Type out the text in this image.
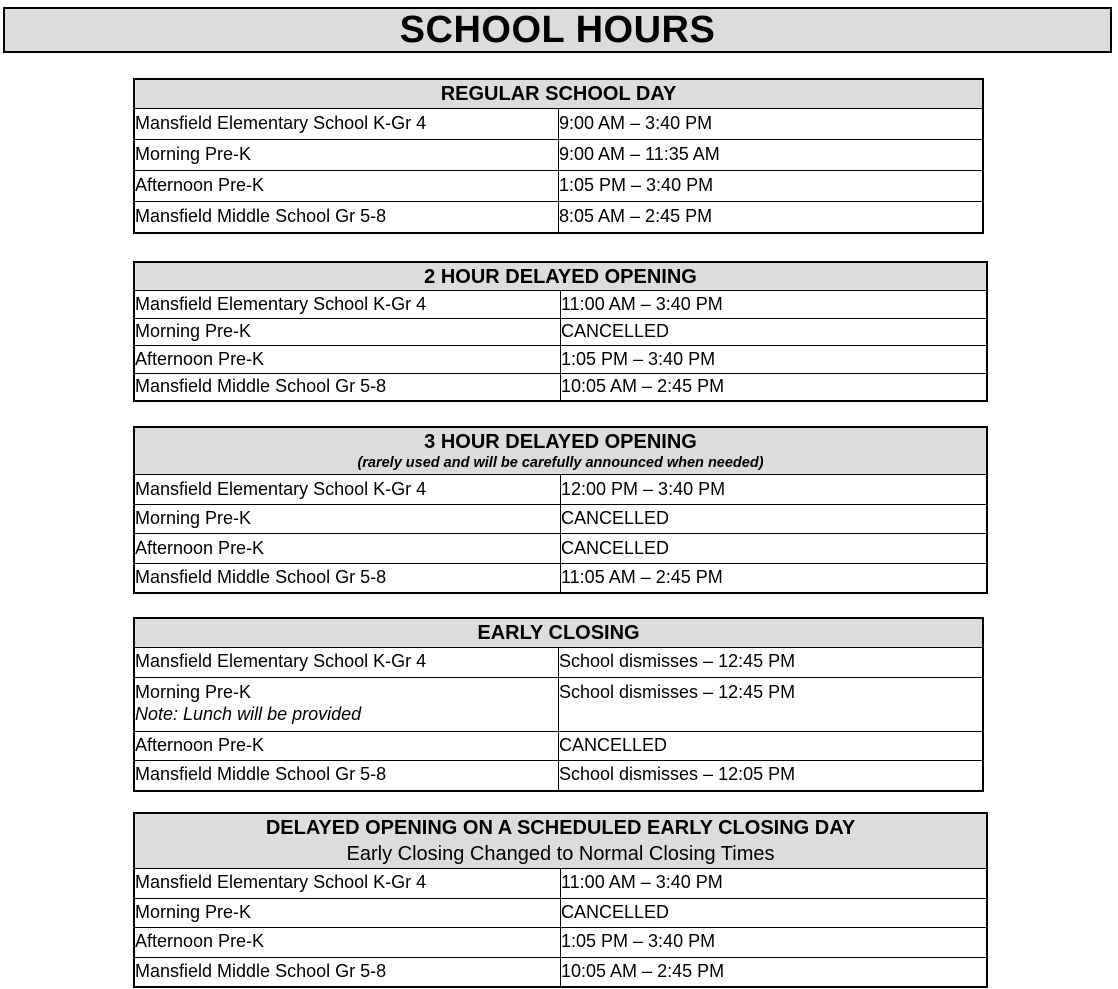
SCHOOL HOURS
REGULAR SCHOOL DAY	

Mansfield Elementary School K-Gr 4	9:00 AM – 3:40 PM
Morning Pre-K	9:00 AM – 11:35 AM
Afternoon Pre-K	1:05 PM – 3:40 PM
Mansfield Middle School Gr 5-8	8:05 AM – 2:45 PM
2 HOUR DELAYED OPENING	

Mansfield Elementary School K-Gr 4	11:00 AM – 3:40 PM
Morning Pre-K	CANCELLED
Afternoon Pre-K	1:05 PM – 3:40 PM
Mansfield Middle School Gr 5-8	10:05 AM – 2:45 PM
3 HOUR DELAYED OPENING
(rarely used and will be carefully announced when needed)	

Mansfield Elementary School K-Gr 4	12:00 PM – 3:40 PM
Morning Pre-K	CANCELLED
Afternoon Pre-K	CANCELLED
Mansfield Middle School Gr 5-8	11:05 AM – 2:45 PM
EARLY CLOSING	

Mansfield Elementary School K-Gr 4	School dismisses – 12:45 PM
Morning Pre-K
Note: Lunch will be provided	School dismisses – 12:45 PM
Afternoon Pre-K	CANCELLED
Mansfield Middle School Gr 5-8	School dismisses – 12:05 PM
DELAYED OPENING ON A SCHEDULED EARLY CLOSING DAY
Early Closing Changed to Normal Closing Times	

Mansfield Elementary School K-Gr 4	11:00 AM – 3:40 PM
Morning Pre-K	CANCELLED
Afternoon Pre-K	1:05 PM – 3:40 PM
Mansfield Middle School Gr 5-8	10:05 AM – 2:45 PM
